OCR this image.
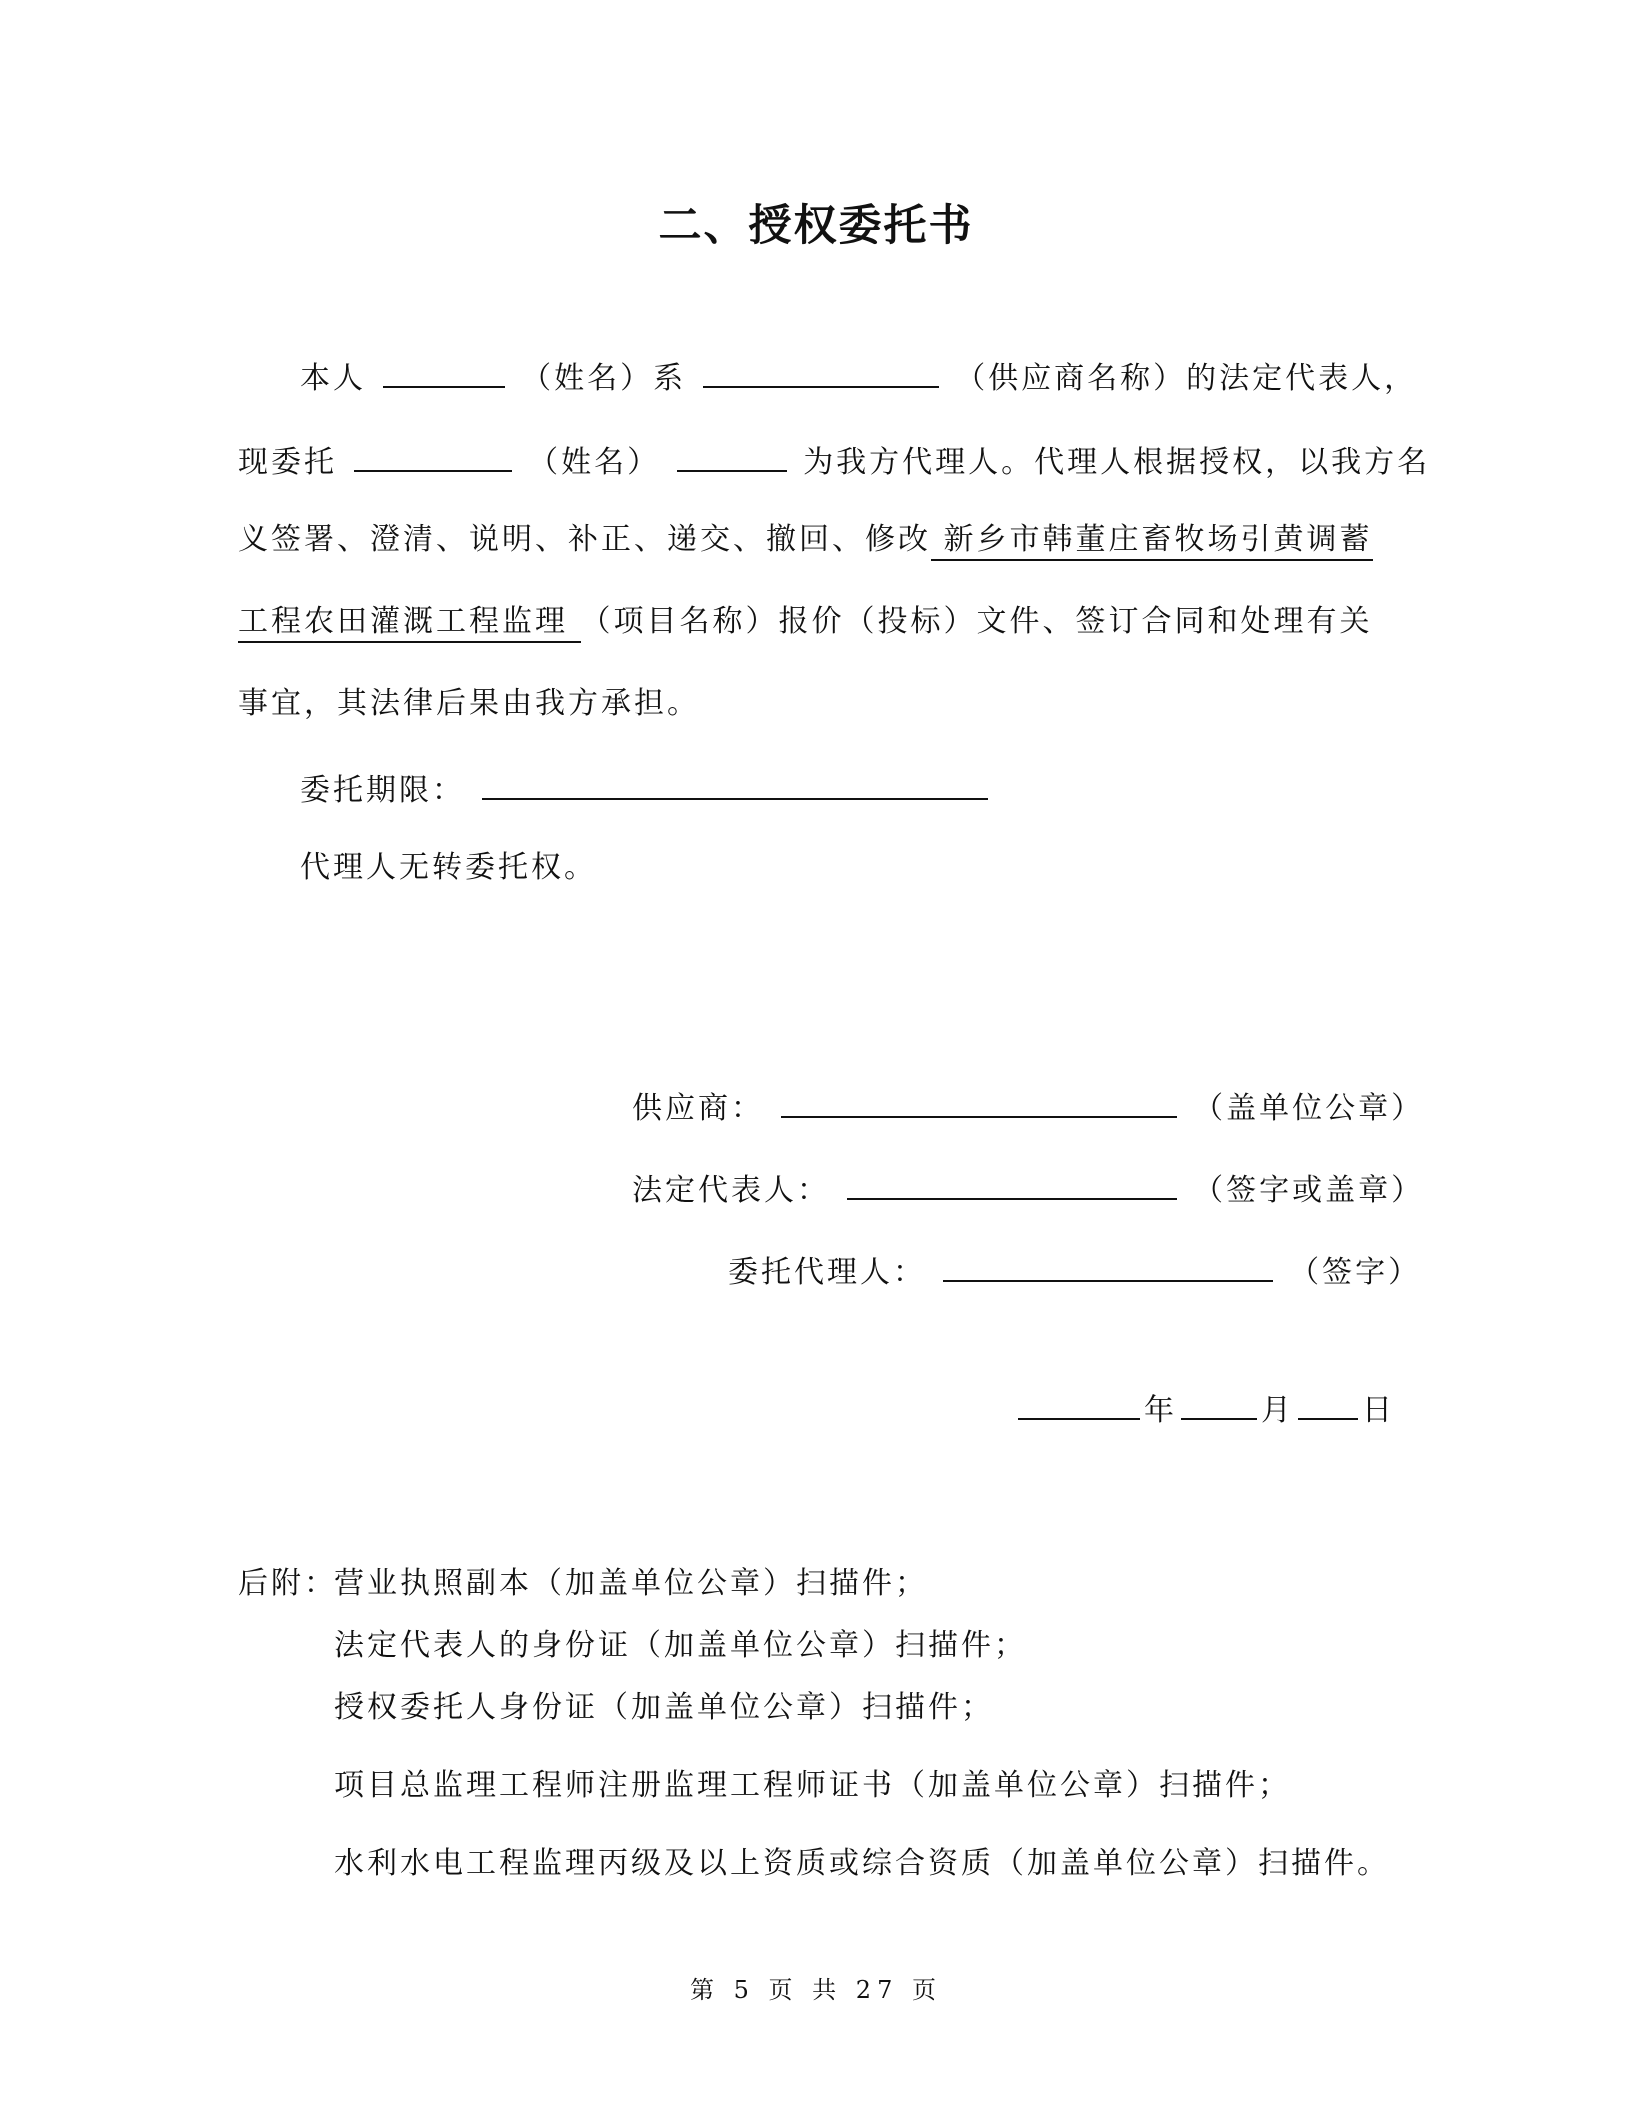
二、授权委托书
本人	（姓名）系	（供应商名称）的法定代表人，
现委托	（姓名）	为我方代理人。代理人根据授权，以我方名
义签署、澄清、说明、补正、递交、撤回、修改 新乡市韩董庄畜牧场引黄调蓄
工程农田灌溉工程监理 （项目名称）报价（投标）文件、签订合同和处理有关
事宜，其法律后果由我方承担。
委托期限：
代理人无转委托权。
供应商：	（盖单位公章）
法定代表人：	（签字或盖章）
委托代理人：	（签字）
年	月 日
后附：
营业执照副本（加盖单位公章）扫描件；
法定代表人的身份证（加盖单位公章）扫描件；
授权委托人身份证（加盖单位公章）扫描件；
项目总监理工程师注册监理工程师证书（加盖单位公章）扫描件；
水利水电工程监理丙级及以上资质或综合资质（加盖单位公章）扫描件。
第 5 页 共 27 页
